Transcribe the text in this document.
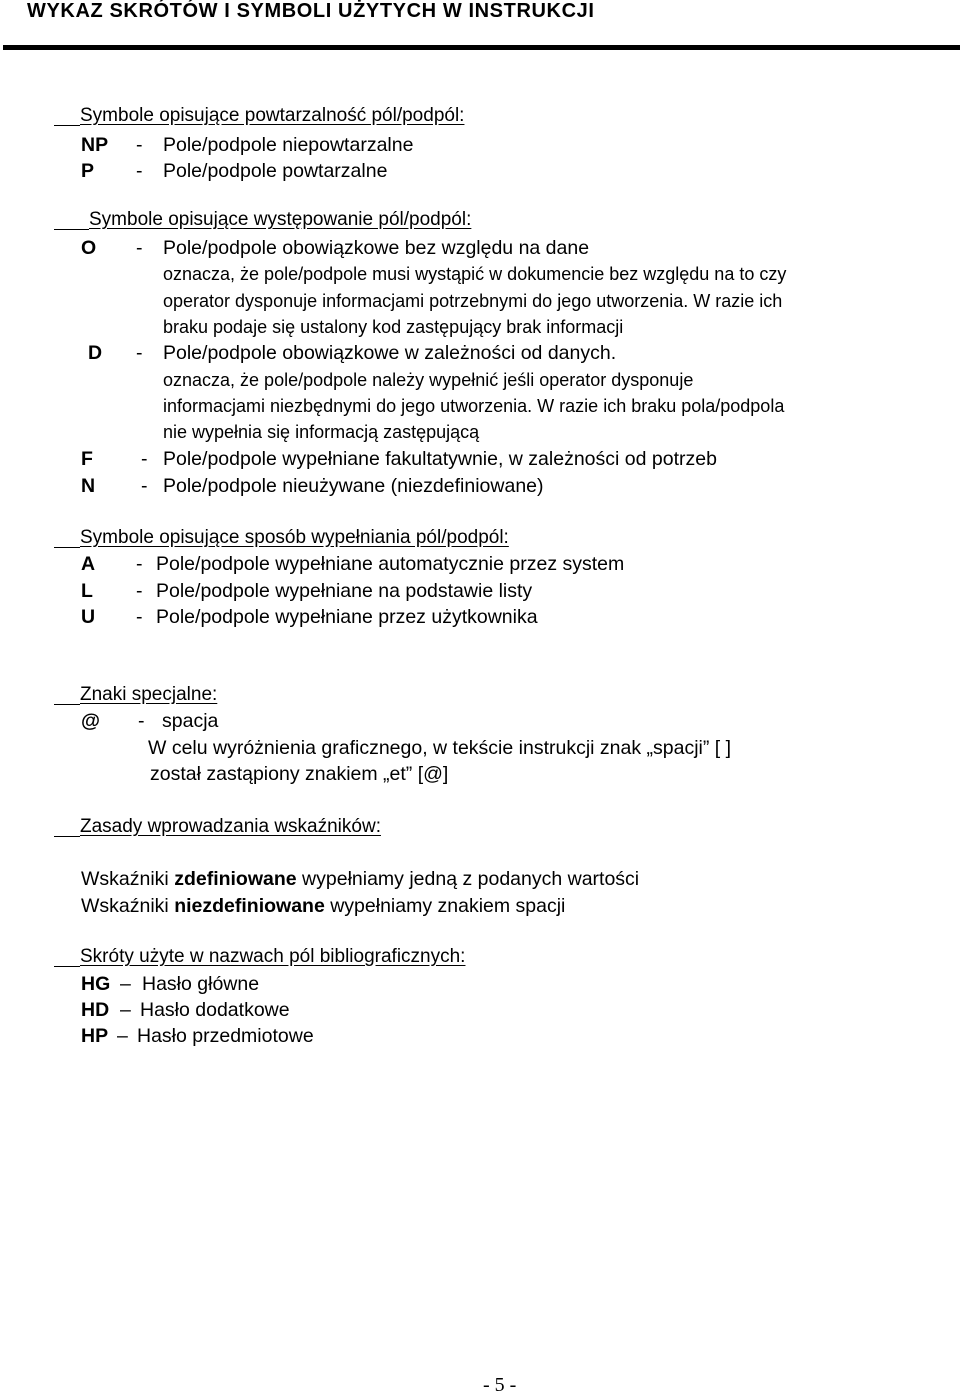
WYKAZ SKRÓTÓW I SYMBOLI UŻYTYCH W INSTRUKCJI
Symbole opisujące powtarzalność pól/podpól:
NP - Pole/podpole niepowtarzalne
P - Pole/podpole powtarzalne
Symbole opisujące występowanie pól/podpól:
O - Pole/podpole obowiązkowe bez względu na dane
oznacza, że pole/podpole musi wystąpić w dokumencie bez względu na to czy
operator dysponuje informacjami potrzebnymi do jego utworzenia. W razie ich
braku podaje się ustalony kod zastępujący brak informacji
D - Pole/podpole obowiązkowe w zależności od danych.
oznacza, że pole/podpole należy wypełnić jeśli operator dysponuje
informacjami niezbędnymi do jego utworzenia. W razie ich braku pola/podpola
nie wypełnia się informacją zastępującą
F - Pole/podpole wypełniane fakultatywnie, w zależności od potrzeb
N - Pole/podpole nieużywane (niezdefiniowane)
Symbole opisujące sposób wypełniania pól/podpól:
A - Pole/podpole wypełniane automatycznie przez system
L - Pole/podpole wypełniane na podstawie listy
U - Pole/podpole wypełniane przez użytkownika
Znaki specjalne:
@ - spacja
W celu wyróżnienia graficznego, w tekście instrukcji znak „spacji” [ ]
został zastąpiony znakiem „et” [@]
Zasady wprowadzania wskaźników:
Wskaźniki zdefiniowane wypełniamy jedną z podanych wartości
Wskaźniki niezdefiniowane wypełniamy znakiem spacji
Skróty użyte w nazwach pól bibliograficznych:
HG – Hasło główne
HD – Hasło dodatkowe
HP – Hasło przedmiotowe
- 5 -
